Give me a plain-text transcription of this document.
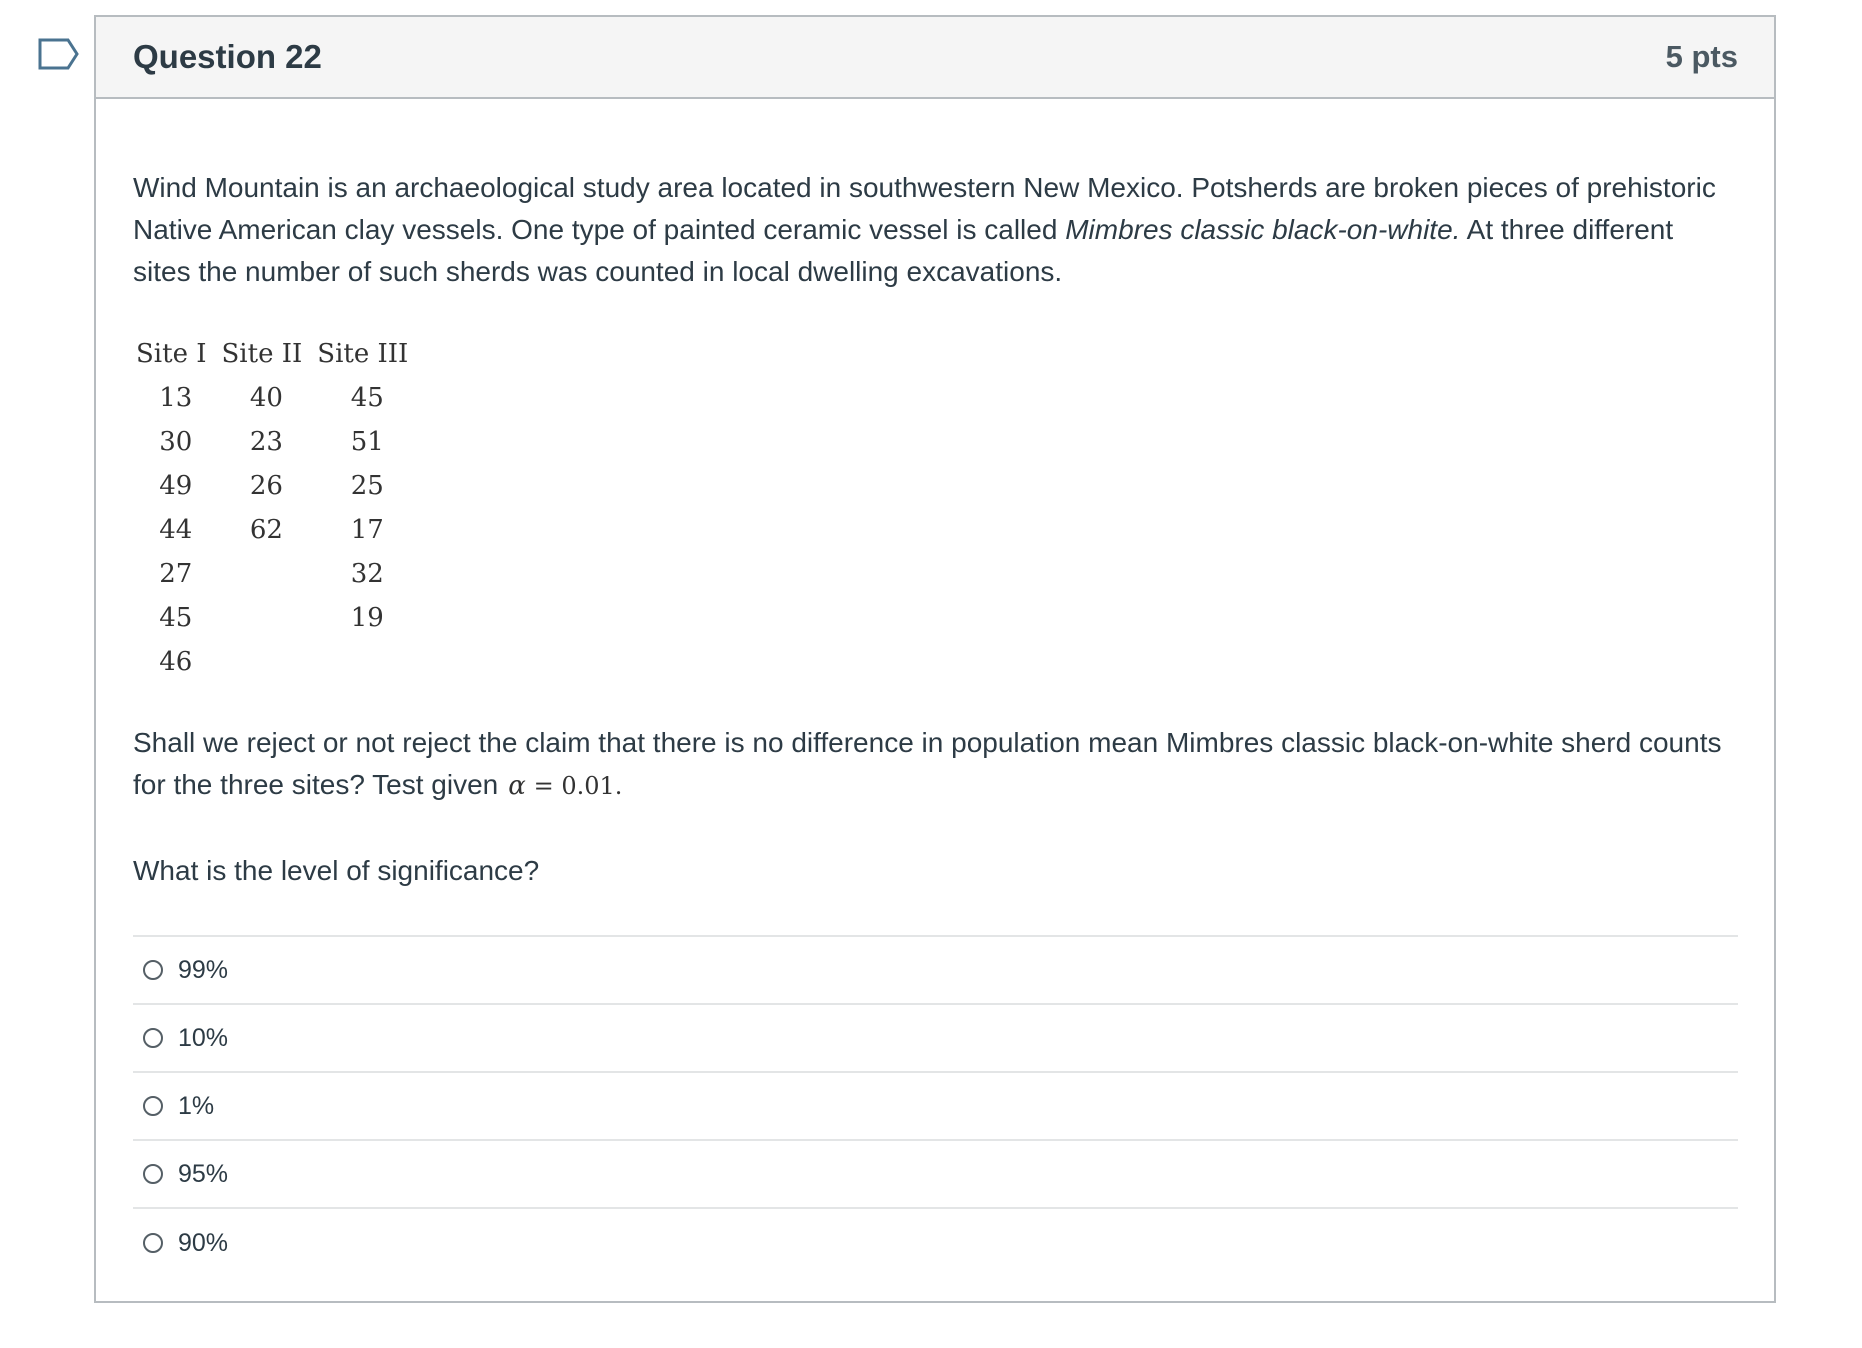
Question 22	5 pts

Wind Mountain is an archaeological study area located in southwestern New Mexico. Potsherds are broken pieces of prehistoric Native American clay vessels. One type of painted ceramic vessel is called Mimbres classic black-on-white. At three different sites the number of such sherds was counted in local dwelling excavations.

Site I	Site II	Site III
13	40	45
30	23	51
49	26	25
44	62	17
27		32
45		19
46		

Shall we reject or not reject the claim that there is no difference in population mean Mimbres classic black-on-white sherd counts for the three sites? Test given α = 0.01.

What is the level of significance?

99%
10%
1%
95%
90%
